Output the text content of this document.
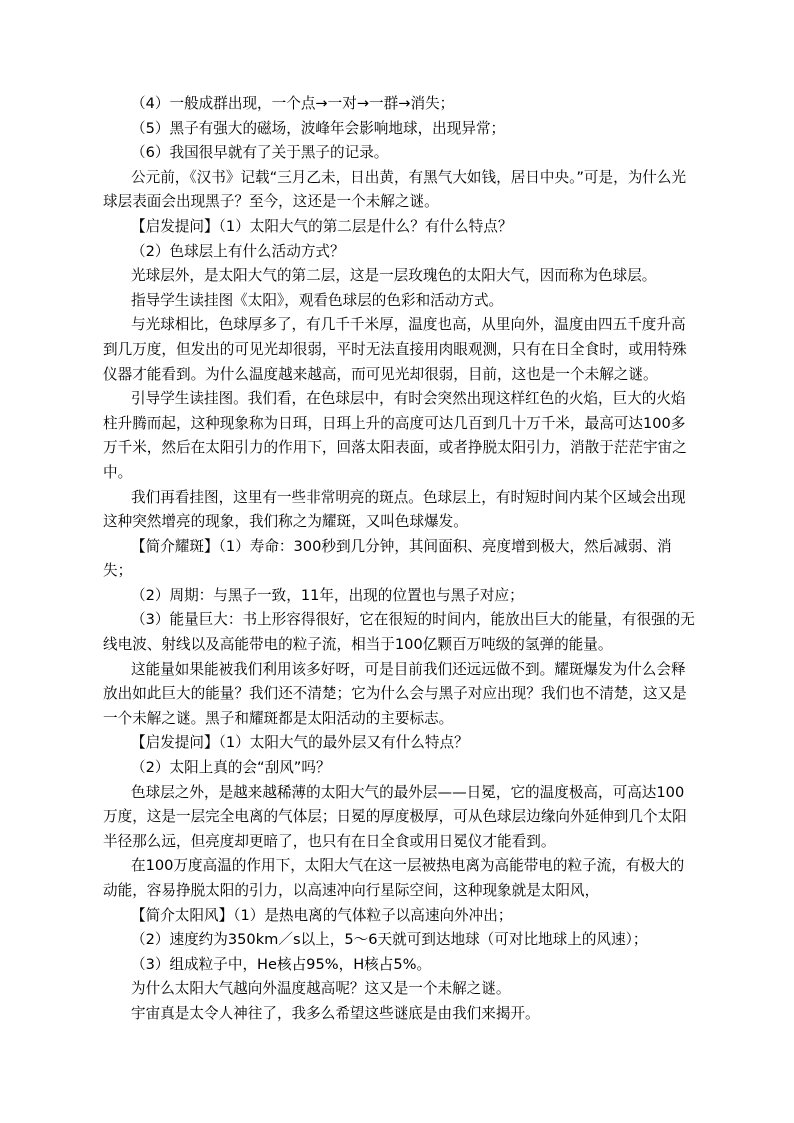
（4）一般成群出现，一个点→一对→一群→消失；

（5）黑子有强大的磁场，波峰年会影响地球，出现异常；

（6）我国很早就有了关于黑子的记录。

公元前，《汉书》记载“三月乙未，日出黄，有黑气大如钱，居日中央。”可是，为什么光球层表面会出现黑子？至今，这还是一个未解之谜。

【启发提问】（1）太阳大气的第二层是什么？有什么特点？

（2）色球层上有什么活动方式？

光球层外，是太阳大气的第二层，这是一层玫瑰色的太阳大气，因而称为色球层。

指导学生读挂图《太阳》，观看色球层的色彩和活动方式。

与光球相比，色球厚多了，有几千千米厚，温度也高，从里向外，温度由四五千度升高到几万度，但发出的可见光却很弱，平时无法直接用肉眼观测，只有在日全食时，或用特殊仪器才能看到。为什么温度越来越高，而可见光却很弱，目前，这也是一个未解之谜。

引导学生读挂图。我们看，在色球层中，有时会突然出现这样红色的火焰，巨大的火焰柱升腾而起，这种现象称为日珥，日珥上升的高度可达几百到几十万千米，最高可达100多万千米，然后在太阳引力的作用下，回落太阳表面，或者挣脱太阳引力，消散于茫茫宇宙之中。

我们再看挂图，这里有一些非常明亮的斑点。色球层上，有时短时间内某个区域会出现这种突然增亮的现象，我们称之为耀斑，又叫色球爆发。

【简介耀斑】（1）寿命：300秒到几分钟，其间面积、亮度增到极大，然后减弱、消失；

（2）周期：与黑子一致，11年，出现的位置也与黑子对应；

（3）能量巨大：书上形容得很好，它在很短的时间内，能放出巨大的能量，有很强的无线电波、射线以及高能带电的粒子流，相当于100亿颗百万吨级的氢弹的能量。

这能量如果能被我们利用该多好呀，可是目前我们还远远做不到。耀斑爆发为什么会释放出如此巨大的能量？我们还不清楚；它为什么会与黑子对应出现？我们也不清楚，这又是一个未解之谜。黑子和耀斑都是太阳活动的主要标志。

【启发提问】（1）太阳大气的最外层又有什么特点？

（2）太阳上真的会“刮风”吗？

色球层之外，是越来越稀薄的太阳大气的最外层——日冕，它的温度极高，可高达100万度，这是一层完全电离的气体层；日冕的厚度极厚，可从色球层边缘向外延伸到几个太阳半径那么远，但亮度却更暗了，也只有在日全食或用日冕仪才能看到。

在100万度高温的作用下，太阳大气在这一层被热电离为高能带电的粒子流，有极大的动能，容易挣脱太阳的引力，以高速冲向行星际空间，这种现象就是太阳风，

【简介太阳风】（1）是热电离的气体粒子以高速向外冲出；

（2）速度约为350km／s以上，5～6天就可到达地球（可对比地球上的风速）；

（3）组成粒子中，He核占95%，H核占5%。

为什么太阳大气越向外温度越高呢？这又是一个未解之谜。

宇宙真是太令人神往了，我多么希望这些谜底是由我们来揭开。
